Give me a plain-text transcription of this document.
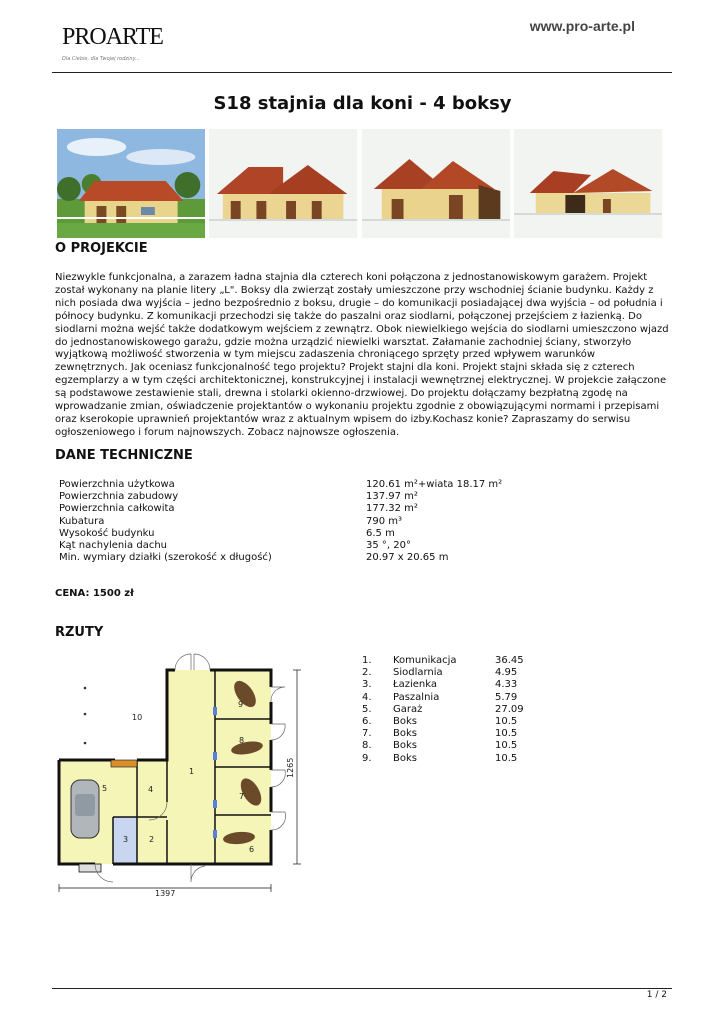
PROARTE
Dla Ciebie, dla Twojej rodziny...
www.pro-arte.pl
S18 stajnia dla koni - 4 boksy
O PROJEKCIE
Niezwykle funkcjonalna, a zarazem ładna stajnia dla czterech koni połączona z jednostanowiskowym garażem. Projekt został wykonany na planie litery „L". Boksy dla zwierząt zostały umieszczone przy wschodniej ścianie budynku. Każdy z nich posiada dwa wyjścia – jedno bezpośrednio z boksu, drugie – do komunikacji posiadającej dwa wyjścia – od południa i północy budynku. Z komunikacji przechodzi się także do paszalni oraz siodlarni, połączonej przejściem z łazienką. Do siodlarni można wejść także dodatkowym wejściem z zewnątrz. Obok niewielkiego wejścia do siodlarni umieszczono wjazd do jednostanowiskowego garażu, gdzie można urządzić niewielki warsztat. Załamanie zachodniej ściany, stworzyło wyjątkową możliwość stworzenia w tym miejscu zadaszenia chroniącego sprzęty przed wpływem warunków zewnętrznych. Jak oceniasz funkcjonalność tego projektu? Projekt stajni dla koni. Projekt stajni składa się z czterech egzemplarzy a w tym części architektonicznej, konstrukcyjnej i instalacji wewnętrznej elektrycznej. W projekcie załączone są podstawowe zestawienie stali, drewna i stolarki okienno-drzwiowej. Do projektu dołączamy bezpłatną zgodę na wprowadzanie zmian, oświadczenie projektantów o wykonaniu projektu zgodnie z obowiązującymi normami i przepisami oraz kserokopie uprawnień projektantów wraz z aktualnym wpisem do izby.Kochasz konie? Zapraszamy do serwisu ogłoszeniowego i forum najnowszych. Zobacz najnowsze ogłoszenia.
DANE TECHNICZNE
Powierzchnia użytkowa	120.61 m²+wiata 18.17 m²
Powierzchnia zabudowy	137.97 m²
Powierzchnia całkowita	177.32 m²
Kubatura	790 m³
Wysokość budynku	6.5 m
Kąt nachylenia dachu	35 °, 20°
Min. wymiary działki (szerokość x długość)	20.97 x 20.65 m
CENA: 1500 zł
RZUTY
1
2
3
4
5
6
7
8
9
10
1397
1265
1. Komunikacja	36.45
2. Siodlarnia	4.95
3. Łazienka	4.33
4. Paszalnia	5.79
5. Garaż	27.09
6. Boks	10.5
7. Boks	10.5
8. Boks	10.5
9. Boks	10.5
1 / 2
